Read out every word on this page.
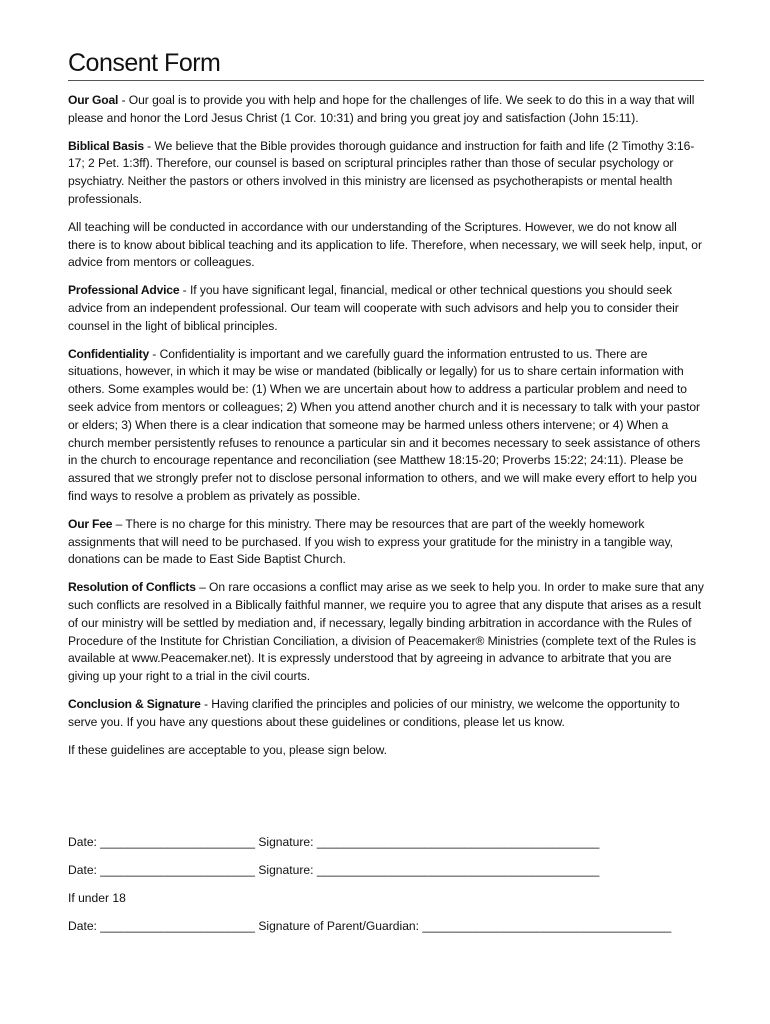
Consent Form

Our Goal - Our goal is to provide you with help and hope for the challenges of life. We seek to do this in a way that will please and honor the Lord Jesus Christ (1 Cor. 10:31) and bring you great joy and satisfaction (John 15:11).

Biblical Basis - We believe that the Bible provides thorough guidance and instruction for faith and life (2 Timothy 3:16-17; 2 Pet. 1:3ff). Therefore, our counsel is based on scriptural principles rather than those of secular psychology or psychiatry. Neither the pastors or others involved in this ministry are licensed as psychotherapists or mental health professionals.

All teaching will be conducted in accordance with our understanding of the Scriptures. However, we do not know all there is to know about biblical teaching and its application to life. Therefore, when necessary, we will seek help, input, or advice from mentors or colleagues.

Professional Advice - If you have significant legal, financial, medical or other technical questions you should seek advice from an independent professional. Our team will cooperate with such advisors and help you to consider their counsel in the light of biblical principles.

Confidentiality - Confidentiality is important and we carefully guard the information entrusted to us. There are situations, however, in which it may be wise or mandated (biblically or legally) for us to share certain information with others. Some examples would be: (1) When we are uncertain about how to address a particular problem and need to seek advice from mentors or colleagues; 2) When you attend another church and it is necessary to talk with your pastor or elders; 3) When there is a clear indication that someone may be harmed unless others intervene; or 4) When a church member persistently refuses to renounce a particular sin and it becomes necessary to seek assistance of others in the church to encourage repentance and reconciliation (see Matthew 18:15-20; Proverbs 15:22; 24:11). Please be assured that we strongly prefer not to disclose personal information to others, and we will make every effort to help you find ways to resolve a problem as privately as possible.

Our Fee – There is no charge for this ministry. There may be resources that are part of the weekly homework assignments that will need to be purchased. If you wish to express your gratitude for the ministry in a tangible way, donations can be made to East Side Baptist Church.

Resolution of Conflicts – On rare occasions a conflict may arise as we seek to help you. In order to make sure that any such conflicts are resolved in a Biblically faithful manner, we require you to agree that any dispute that arises as a result of our ministry will be settled by mediation and, if necessary, legally binding arbitration in accordance with the Rules of Procedure of the Institute for Christian Conciliation, a division of Peacemaker® Ministries (complete text of the Rules is available at www.Peacemaker.net). It is expressly understood that by agreeing in advance to arbitrate that you are giving up your right to a trial in the civil courts.

Conclusion & Signature - Having clarified the principles and policies of our ministry, we welcome the opportunity to serve you. If you have any questions about these guidelines or conditions, please let us know.

If these guidelines are acceptable to you, please sign below.

Date: _______________________ Signature: __________________________________________
Date: _______________________ Signature: __________________________________________
If under 18
Date: _______________________ Signature of Parent/Guardian: _____________________________________
